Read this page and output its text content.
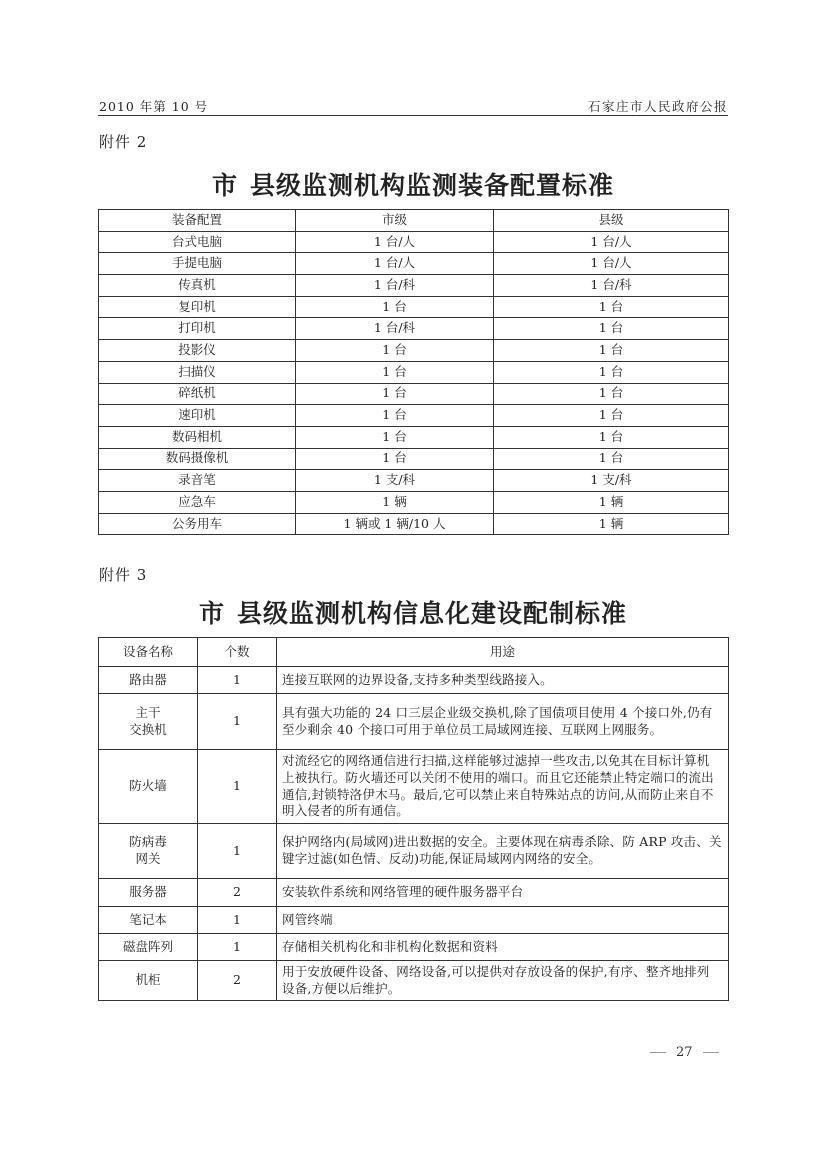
2010 年第 10 号	石家庄市人民政府公报
附件 2
市 县级监测机构监测装备配置标准
装备配置	市级	县级
台式电脑	1 台/人	1 台/人
手提电脑	1 台/人	1 台/人
传真机	1 台/科	1 台/科
复印机	1 台	1 台
打印机	1 台/科	1 台
投影仪	1 台	1 台
扫描仪	1 台	1 台
碎纸机	1 台	1 台
速印机	1 台	1 台
数码相机	1 台	1 台
数码摄像机	1 台	1 台
录音笔	1 支/科	1 支/科
应急车	1 辆	1 辆
公务用车	1 辆或 1 辆/10 人	1 辆
附件 3
市 县级监测机构信息化建设配制标准
设备名称	个数	用途
路由器	1	连接互联网的边界设备,支持多种类型线路接入。
主干
交换机	1	具有强大功能的 24 口三层企业级交换机,除了国债项目使用 4 个接口外,仍有至少剩余 40 个接口可用于单位员工局域网连接、互联网上网服务。
防火墙	1	对流经它的网络通信进行扫描,这样能够过滤掉一些攻击,以免其在目标计算机上被执行。防火墙还可以关闭不使用的端口。而且它还能禁止特定端口的流出通信,封锁特洛伊木马。最后,它可以禁止来自特殊站点的访问,从而防止来自不明入侵者的所有通信。
防病毒
网关	1	保护网络内(局域网)进出数据的安全。主要体现在病毒杀除、防 ARP 攻击、关键字过滤(如色情、反动)功能,保证局域网内网络的安全。
服务器	2	安装软件系统和网络管理的硬件服务器平台
笔记本	1	网管终端
磁盘阵列	1	存储相关机构化和非机构化数据和资料
机柜	2	用于安放硬件设备、网络设备,可以提供对存放设备的保护,有序、整齐地排列设备,方便以后维护。
27
